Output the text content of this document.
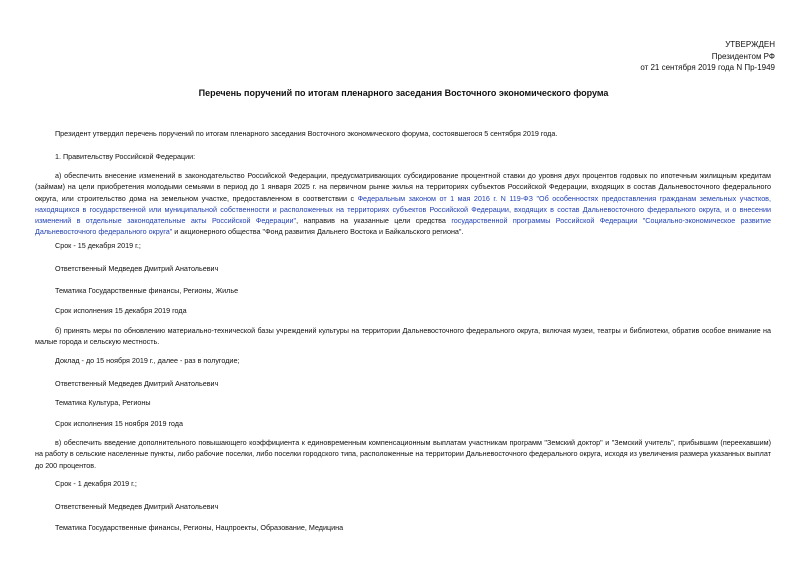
УТВЕРЖДЕН
Президентом РФ
от 21 сентября 2019 года N Пр-1949
Перечень поручений по итогам пленарного заседания Восточного экономического форума
Президент утвердил перечень поручений по итогам пленарного заседания Восточного экономического форума, состоявшегося 5 сентября 2019 года.
1. Правительству Российской Федерации:
а) обеспечить внесение изменений в законодательство Российской Федерации, предусматривающих субсидирование процентной ставки до уровня двух процентов годовых по ипотечным жилищным кредитам (займам) на цели приобретения молодыми семьями в период до 1 января 2025 г. на первичном рынке жилья на территориях субъектов Российской Федерации, входящих в состав Дальневосточного федерального округа, или строительство дома на земельном участке, предоставленном в соответствии с Федеральным законом от 1 мая 2016 г. N 119-ФЗ "Об особенностях предоставления гражданам земельных участков, находящихся в государственной или муниципальной собственности и расположенных на территориях субъектов Российской Федерации, входящих в состав Дальневосточного федерального округа, и о внесении изменений в отдельные законодательные акты Российской Федерации", направив на указанные цели средства государственной программы Российской Федерации "Социально-экономическое развитие Дальневосточного федерального округа" и акционерного общества "Фонд развития Дальнего Востока и Байкальского региона".
Срок - 15 декабря 2019 г.;
Ответственный Медведев Дмитрий Анатольевич
Тематика Государственные финансы, Регионы, Жилье
Срок исполнения 15 декабря 2019 года
б) принять меры по обновлению материально-технической базы учреждений культуры на территории Дальневосточного федерального округа, включая музеи, театры и библиотеки, обратив особое внимание на малые города и сельскую местность.
Доклад - до 15 ноября 2019 г., далее - раз в полугодие;
Ответственный Медведев Дмитрий Анатольевич
Тематика Культура, Регионы
Срок исполнения 15 ноября 2019 года
в) обеспечить введение дополнительного повышающего коэффициента к единовременным компенсационным выплатам участникам программ "Земский доктор" и "Земский учитель", прибывшим (переехавшим) на работу в сельские населенные пункты, либо рабочие поселки, либо поселки городского типа, расположенные на территории Дальневосточного федерального округа, исходя из увеличения размера указанных выплат до 200 процентов.
Срок - 1 декабря 2019 г.;
Ответственный Медведев Дмитрий Анатольевич
Тематика Государственные финансы, Регионы, Нацпроекты, Образование, Медицина
